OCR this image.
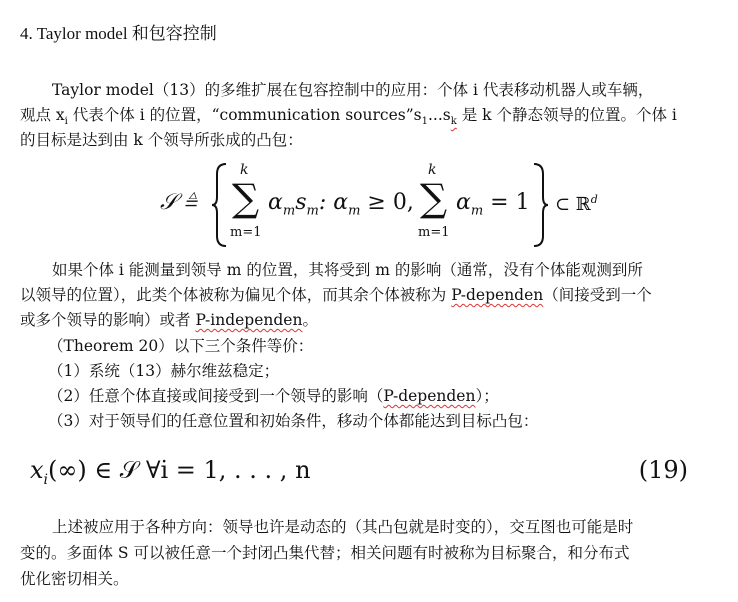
4. Taylor model 和包容控制
Taylor model（13）的多维扩展在包容控制中的应用：个体 i 代表移动机器人或车辆，
观点 $x_i$ 代表个体 i 的位置，“communication $sources”s_1...s_k$ 是 k 个静态领导的位置。个体 i
的目标是达到由 k 个领导所张成的凸包：
𝒮 ≜
k
∑
m=1
$\alpha_ms_m$: $\alpha_m \ge 0$,
k
∑
m=1
$\alpha_m = 1$ ⊂ ℝ$^d$
如果个体 i 能测量到领导 m 的位置，其将受到 m 的影响（通常，没有个体能观测到所
以领导的位置），此类个体被称为偏见个体，而其余个体被称为 P-dependen（间接受到一个
或多个领导的影响）或者 P-independen。
（Theorem 20）以下三个条件等价：
（1）系统（13）赫尔维兹稳定；
（2）任意个体直接或间接受到一个领导的影响（P-dependen）；
（3）对于领导们的任意位置和初始条件，移动个体都能达到目标凸包：
$x_i(\infty)$ ∈ 𝒮 ∀i = 1, . . . , n	(19)
上述被应用于各种方向：领导也许是动态的（其凸包就是时变的），交互图也可能是时
变的。多面体 S 可以被任意一个封闭凸集代替；相关问题有时被称为目标聚合，和分布式
优化密切相关。
